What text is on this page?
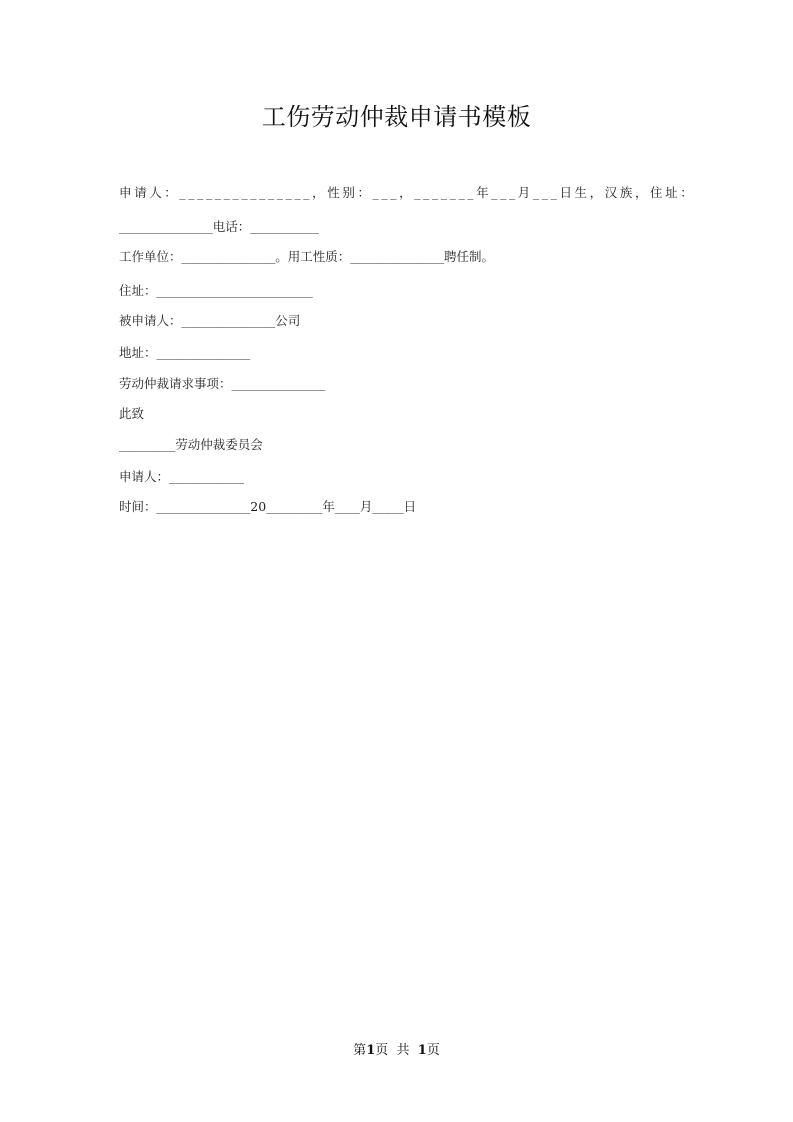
工伤劳动仲裁申请书模板
申请人：_______________，性别：___，_______年___月___日生，汉族，住址：
_______________电话：___________
工作单位：_______________。用工性质：_______________聘任制。
住址：_________________________
被申请人：_______________公司
地址：_______________
劳动仲裁请求事项：_______________
此致
_________劳动仲裁委员会
申请人：____________
时间：_______________20_________年____月_____日
第1页  共  1页
